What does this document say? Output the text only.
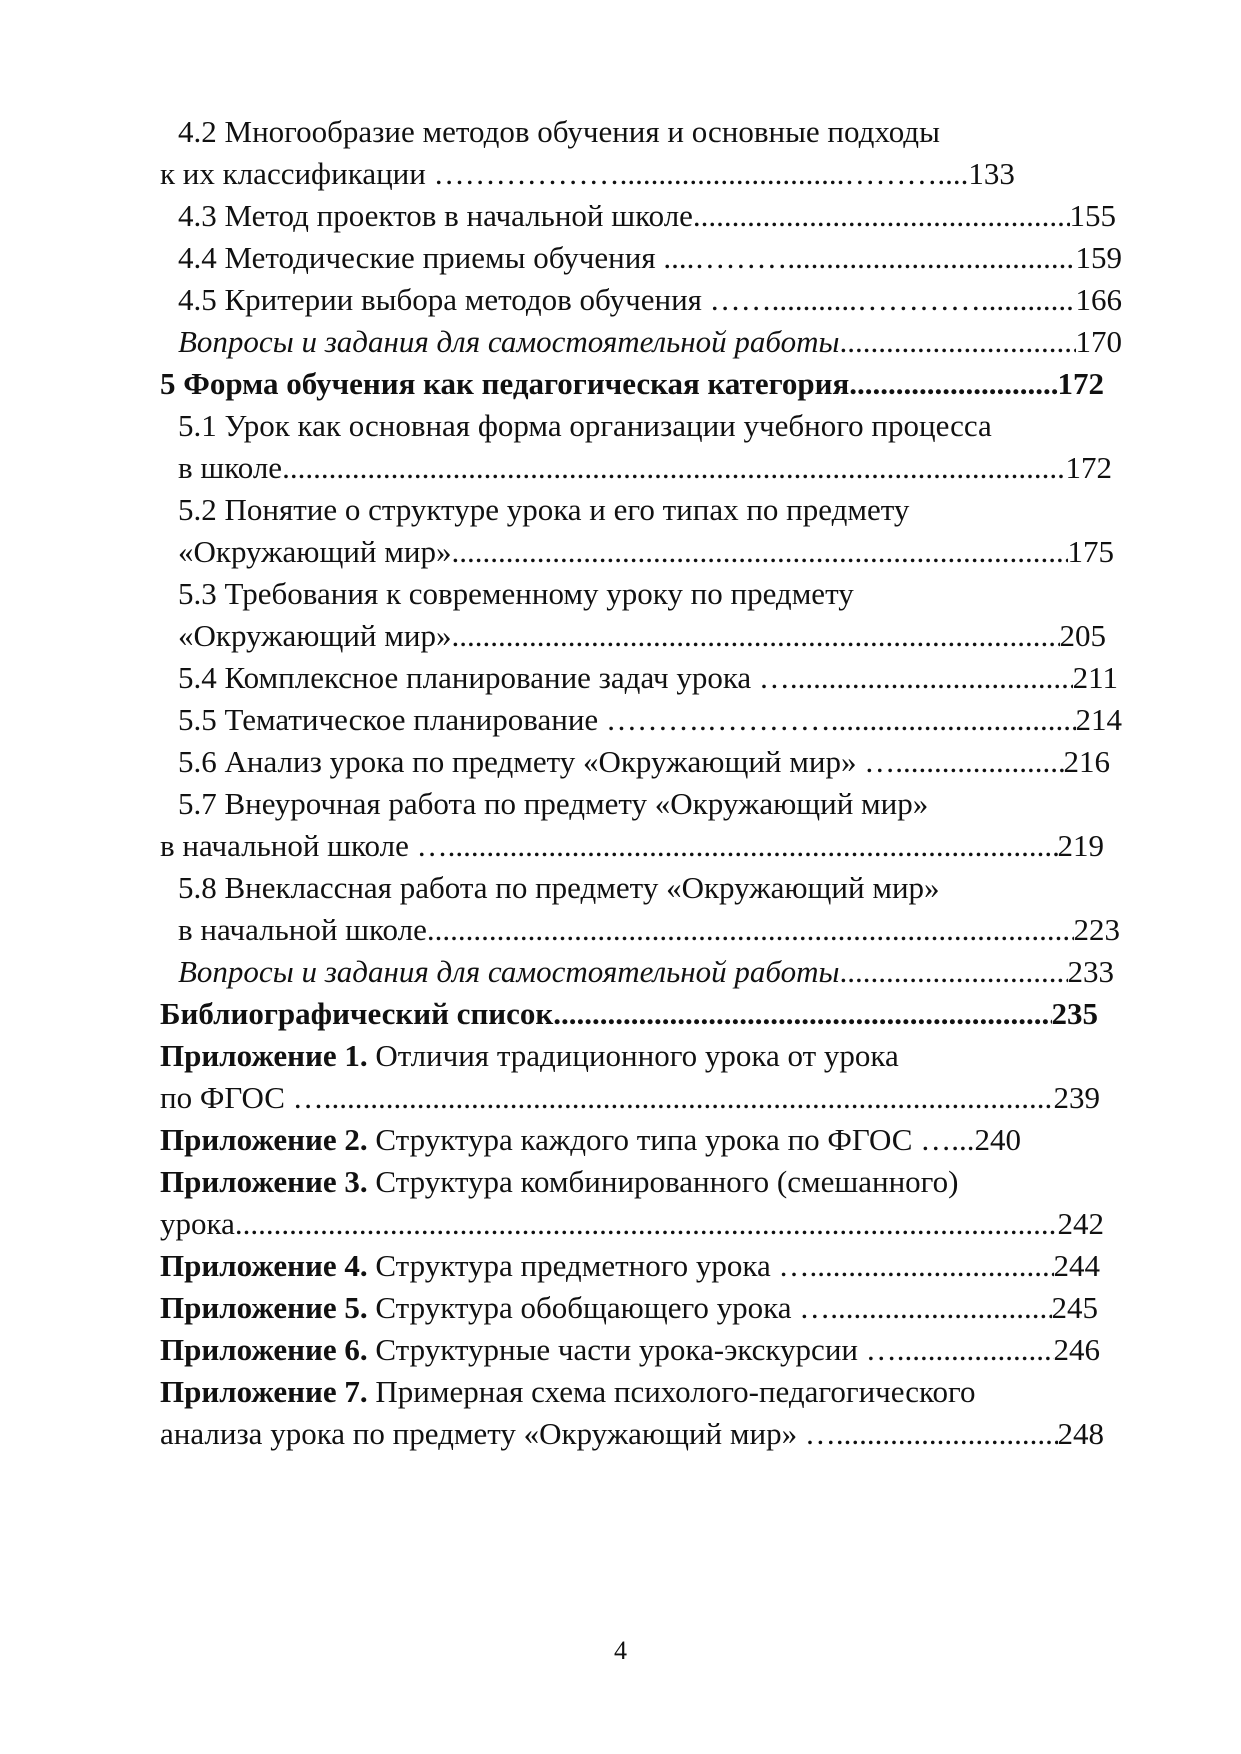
4.2 Многообразие методов обучения и основные подходы
к их классификации ……………….............................……….... 133
4.3 Метод проектов в начальной школе .....	155
4.4 Методические приемы обучения ....……….......................... .....	159
4.5 Критерии выбора методов обучения ……...........………….. .....	166
Вопросы и задания для самостоятельной работы .....	170
5 Форма обучения как педагогическая категория .....	172
5.1 Урок как основная форма организации учебного процесса
в школе .....	172
5.2 Понятие о структуре урока и его типах по предмету
«Окружающий мир» .....	175
5.3 Требования к современному уроку по предмету
«Окружающий мир» .....	205
5.4 Комплексное планирование задач урока … .....	211
5.5 Тематическое планирование ……….………… .....	214
5.6 Анализ урока по предмету «Окружающий мир» … .....	216
5.7 Внеурочная работа по предмету «Окружающий мир»
в начальной школе … .....	219
5.8 Внеклассная работа по предмету «Окружающий мир»
в начальной школе .....	223
Вопросы и задания для самостоятельной работы .....	233
Библиографический список .....	235
Приложение 1. Отличия традиционного урока от урока
по ФГОС … .....	239
Приложение 2. Структура каждого типа урока по ФГОС …... 240
Приложение 3. Структура комбинированного (смешанного)
урока .....	242
Приложение 4. Структура предметного урока … .....	244
Приложение 5. Структура обобщающего урока … .....	245
Приложение 6. Структурные части урока-экскурсии … .....	246
Приложение 7. Примерная схема психолого-педагогического
анализа урока по предмету «Окружающий мир» … .....	248
4
